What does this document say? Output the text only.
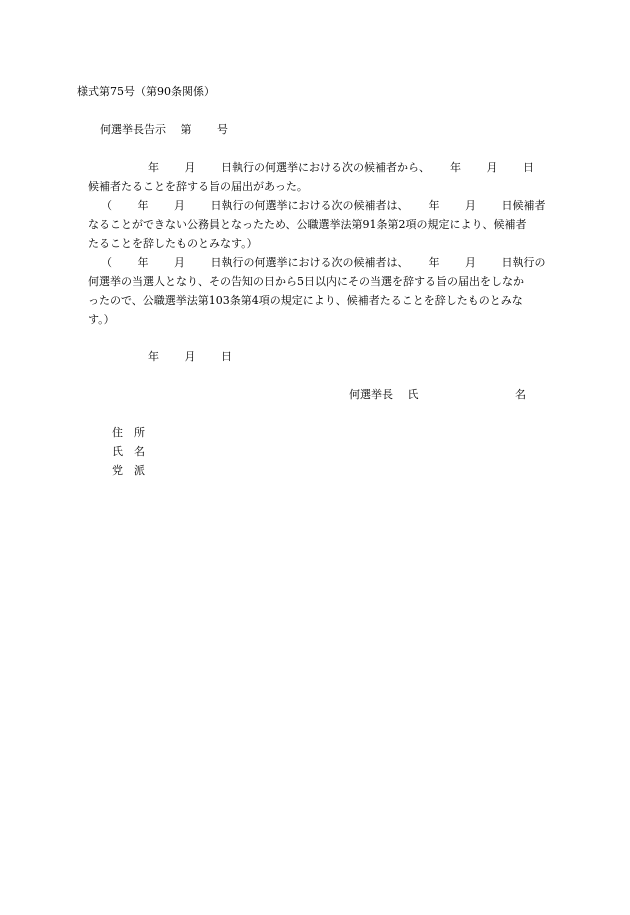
様式第75号（第90条関係）
何選挙長告示　 第　　 号
年　　 月　　 日執行の何選挙における次の候補者から、　　 年　　 月　　 日
候補者たることを辞する旨の届出があった。
（　　 年　　 月　　 日執行の何選挙における次の候補者は、　　 年　　 月　　 日候補者
なることができない公務員となったため、公職選挙法第91条第2項の規定により、候補者
たることを辞したものとみなす。）
（　　 年　　 月　　 日執行の何選挙における次の候補者は、　　 年　　 月　　 日執行の
何選挙の当選人となり、その告知の日から5日以内にその当選を辞する旨の届出をしなか
ったので、公職選挙法第103条第4項の規定により、候補者たることを辞したものとみな
す。）
年　　 月　　 日
何選挙長　 氏	名
住　所
氏　名
党　派
